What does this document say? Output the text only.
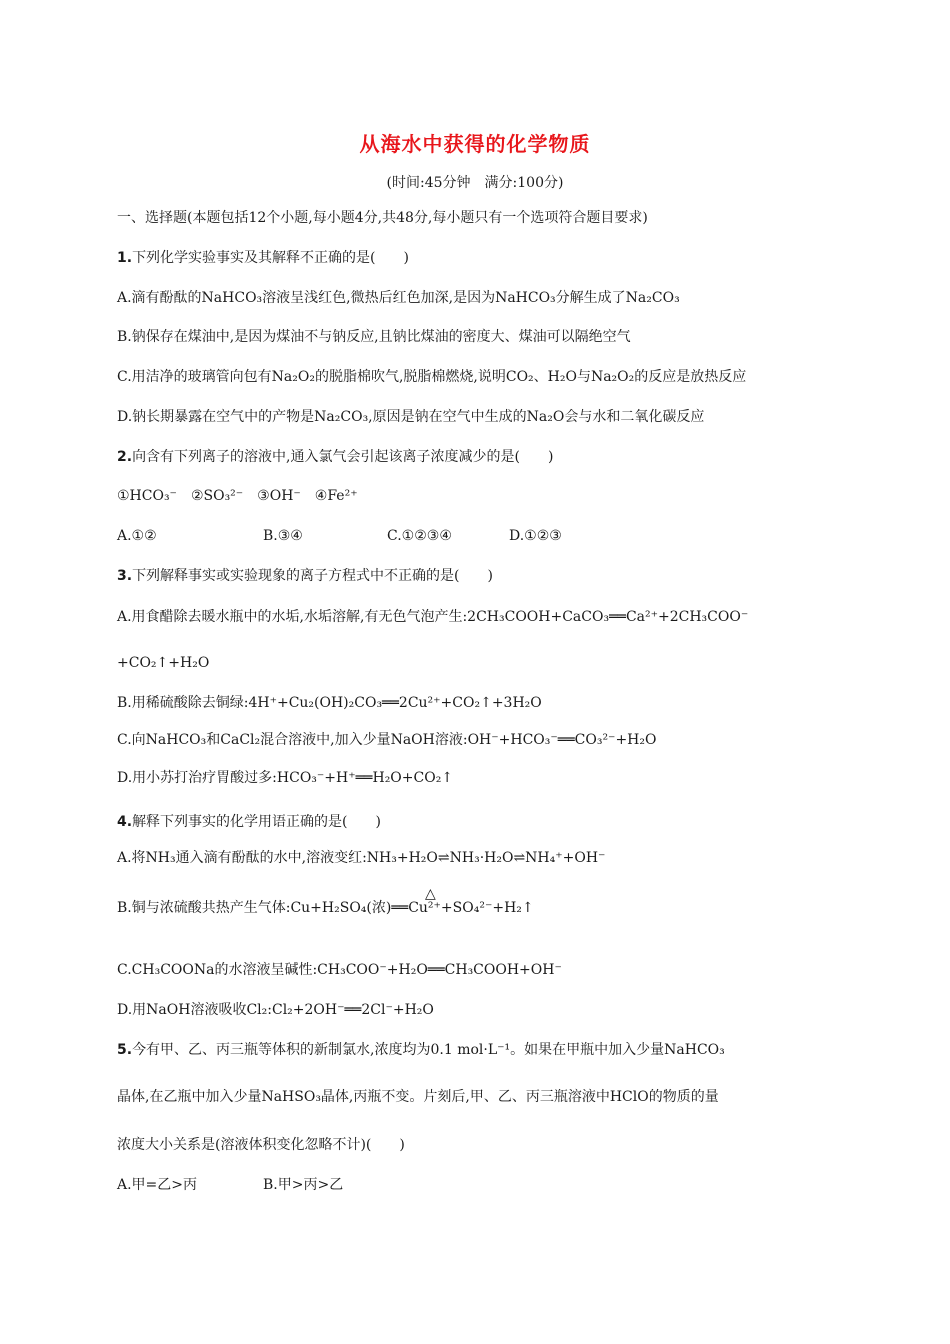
从海水中获得的化学物质
(时间:45分钟　满分:100分)
一、选择题(本题包括12个小题,每小题4分,共48分,每小题只有一个选项符合题目要求)
1.下列化学实验事实及其解释不正确的是(　　)
A.滴有酚酞的NaHCO₃溶液呈浅红色,微热后红色加深,是因为NaHCO₃分解生成了Na₂CO₃
B.钠保存在煤油中,是因为煤油不与钠反应,且钠比煤油的密度大、煤油可以隔绝空气
C.用洁净的玻璃管向包有Na₂O₂的脱脂棉吹气,脱脂棉燃烧,说明CO₂、H₂O与Na₂O₂的反应是放热反应
D.钠长期暴露在空气中的产物是Na₂CO₃,原因是钠在空气中生成的Na₂O会与水和二氧化碳反应
2.向含有下列离子的溶液中,通入氯气会引起该离子浓度减少的是(　　)
①HCO₃⁻　②SO₃²⁻　③OH⁻　④Fe²⁺
A.①②	B.③④	C.①②③④	D.①②③
3.下列解释事实或实验现象的离子方程式中不正确的是(　　)
A.用食醋除去暖水瓶中的水垢,水垢溶解,有无色气泡产生:2CH₃COOH+CaCO₃══Ca²⁺+2CH₃COO⁻
+CO₂↑+H₂O
B.用稀硫酸除去铜绿:4H⁺+Cu₂(OH)₂CO₃══2Cu²⁺+CO₂↑+3H₂O
C.向NaHCO₃和CaCl₂混合溶液中,加入少量NaOH溶液:OH⁻+HCO₃⁻══CO₃²⁻+H₂O
D.用小苏打治疗胃酸过多:HCO₃⁻+H⁺══H₂O+CO₂↑
4.解释下列事实的化学用语正确的是(　　)
A.将NH₃通入滴有酚酞的水中,溶液变红:NH₃+H₂O⇌NH₃·H₂O⇌NH₄⁺+OH⁻
△
B.铜与浓硫酸共热产生气体:Cu+H₂SO₄(浓)══Cu²⁺+SO₄²⁻+H₂↑
C.CH₃COONa的水溶液呈碱性:CH₃COO⁻+H₂O══CH₃COOH+OH⁻
D.用NaOH溶液吸收Cl₂:Cl₂+2OH⁻══2Cl⁻+H₂O
5.今有甲、乙、丙三瓶等体积的新制氯水,浓度均为0.1 mol·L⁻¹。如果在甲瓶中加入少量NaHCO₃
晶体,在乙瓶中加入少量NaHSO₃晶体,丙瓶不变。片刻后,甲、乙、丙三瓶溶液中HClO的物质的量
浓度大小关系是(溶液体积变化忽略不计)(　　)
A.甲=乙>丙	B.甲>丙>乙
